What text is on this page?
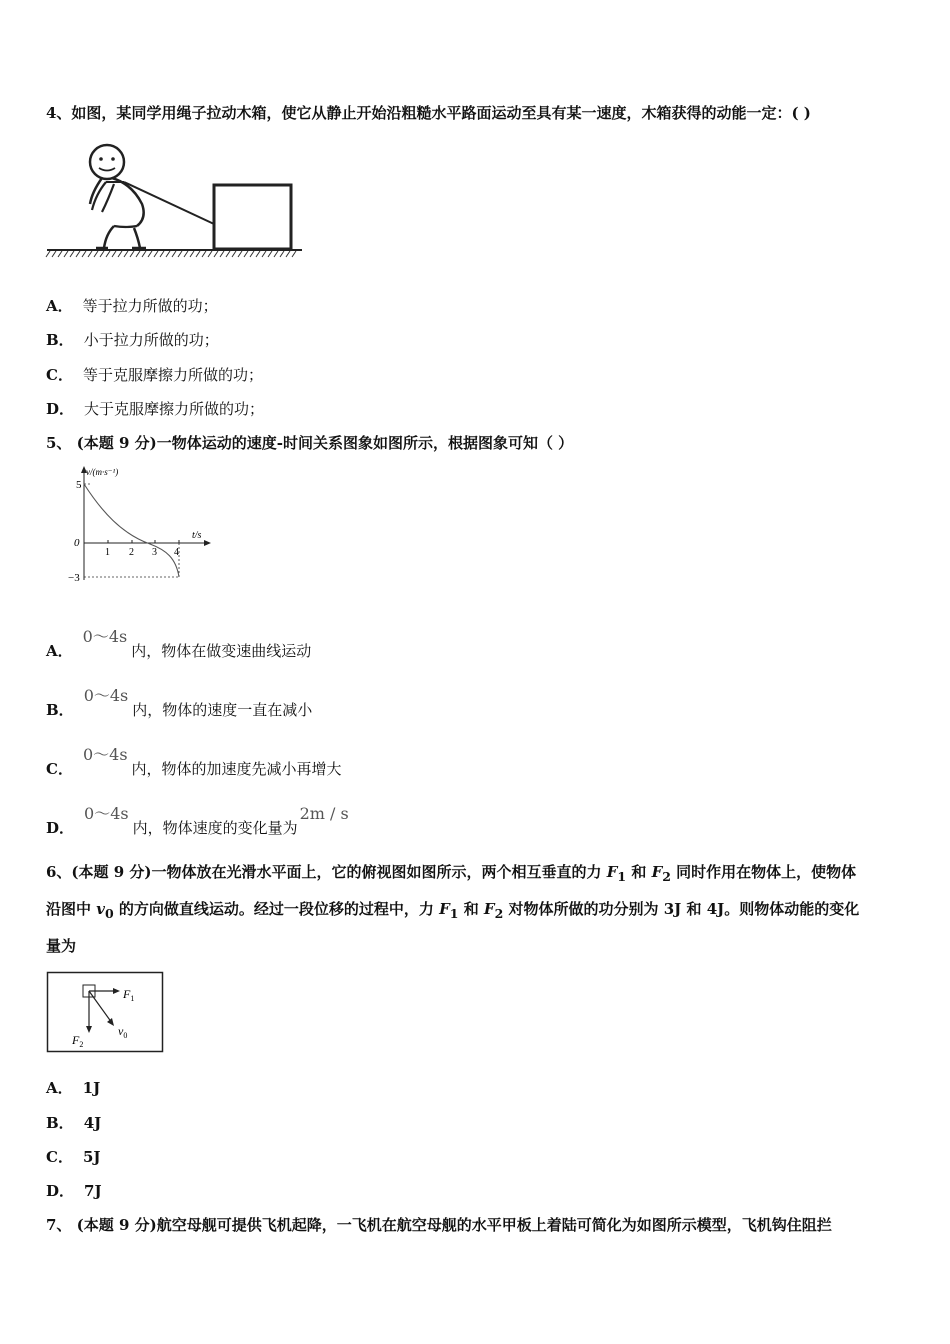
4、如图，某同学用绳子拉动木箱，使它从静止开始沿粗糙水平路面运动至具有某一速度，木箱获得的动能一定：( )
A． 等于拉力所做的功；
B． 小于拉力所做的功；
C． 等于克服摩擦力所做的功；
D． 大于克服摩擦力所做的功；
5、 (本题 9 分)一物体运动的速度-时间关系图象如图所示，根据图象可知（ ）
v/(m·s⁻¹)
t/s
5
0
−3
1 2 3 4
A．0～4s内，物体在做变速曲线运动
B．0～4s内，物体的速度一直在减小
C．0～4s内，物体的加速度先减小再增大
D．0～4s内，物体速度的变化量为2m / s
6、(本题 9 分)一物体放在光滑水平面上，它的俯视图如图所示，两个相互垂直的力 $F_1$ 和 $F_2$ 同时作用在物体上，使物体
沿图中 $v_0$ 的方向做直线运动。经过一段位移的过程中，力 $F_1$ 和 $F_2$ 对物体所做的功分别为 3J 和 4J。则物体动能的变化
量为
$F_1$
$F_2$
$v_0$
A． 1J
B． 4J
C． 5J
D． 7J
7、 (本题 9 分)航空母舰可提供飞机起降，一飞机在航空母舰的水平甲板上着陆可简化为如图所示模型，飞机钩住阻拦
